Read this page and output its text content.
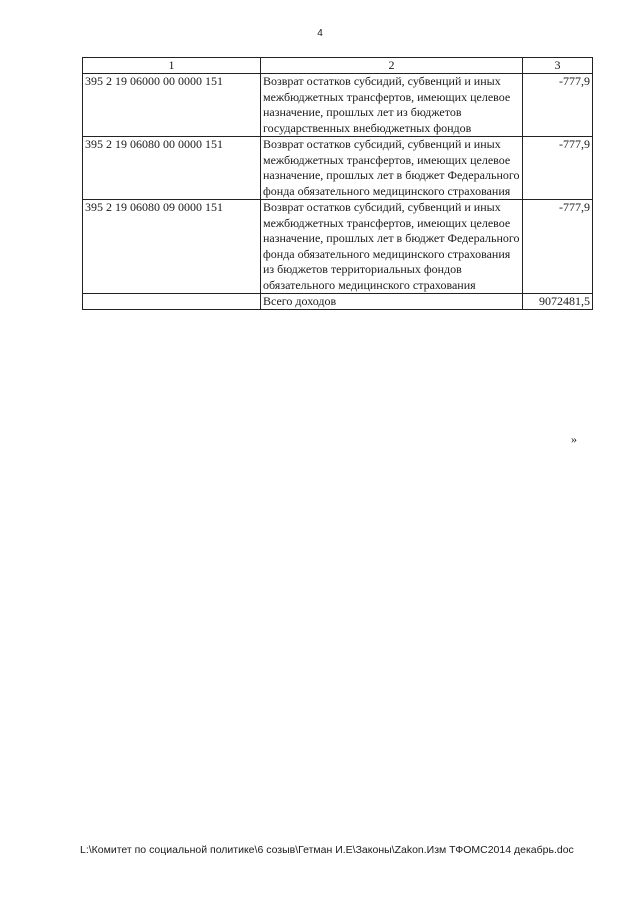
4
1	2	3
395 2 19 06000 00 0000 151	Возврат остатков субсидий, субвенций и иных межбюджетных трансфертов, имеющих целевое назначение, прошлых лет из бюджетов государственных внебюджетных фондов	-777,9
395 2 19 06080 00 0000 151	Возврат остатков субсидий, субвенций и иных межбюджетных трансфертов, имеющих целевое назначение, прошлых лет в бюджет Федерального фонда обязательного медицинского страхования	-777,9
395 2 19 06080 09 0000 151	Возврат остатков субсидий, субвенций и иных межбюджетных трансфертов, имеющих целевое назначение, прошлых лет в бюджет Федерального фонда обязательного медицинского страхования из бюджетов территориальных фондов обязательного медицинского страхования	-777,9
	Всего доходов	9072481,5
»
L:\Комитет по социальной политике\6 созыв\Гетман И.Е\Законы\Zakon.Изм ТФОМС2014 декабрь.doc
